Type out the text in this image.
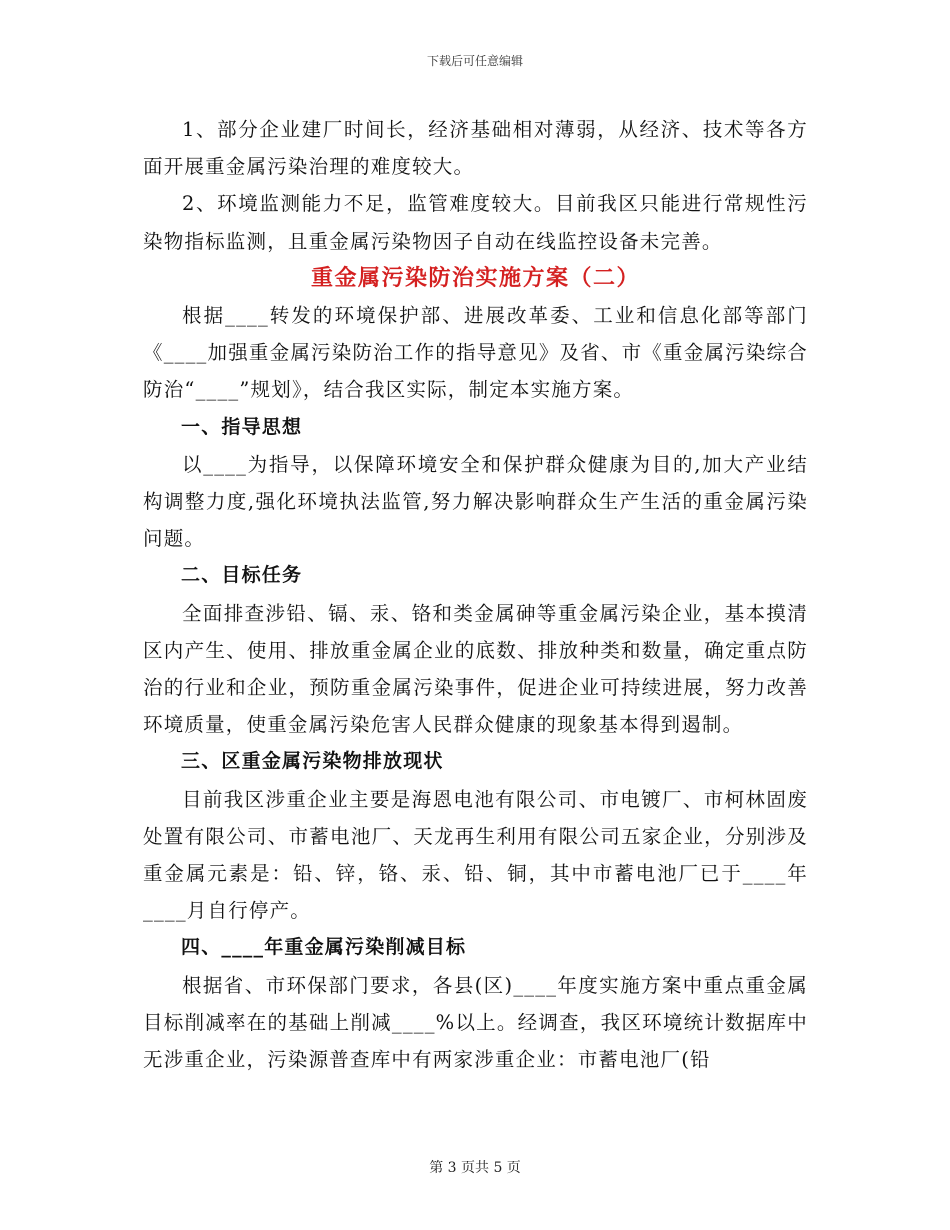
下载后可任意编辑

1、部分企业建厂时间长，经济基础相对薄弱，从经济、技术等各方面开展重金属污染治理的难度较大。

2、环境监测能力不足，监管难度较大。目前我区只能进行常规性污染物指标监测，且重金属污染物因子自动在线监控设备未完善。

重金属污染防治实施方案（二）

根据____转发的环境保护部、进展改革委、工业和信息化部等部门《____加强重金属污染防治工作的指导意见》及省、市《重金属污染综合防治“____”规划》，结合我区实际，制定本实施方案。

一、指导思想

以____为指导，以保障环境安全和保护群众健康为目的,加大产业结构调整力度,强化环境执法监管,努力解决影响群众生产生活的重金属污染问题。

二、目标任务

全面排查涉铅、镉、汞、铬和类金属砷等重金属污染企业，基本摸清区内产生、使用、排放重金属企业的底数、排放种类和数量，确定重点防治的行业和企业，预防重金属污染事件，促进企业可持续进展，努力改善环境质量，使重金属污染危害人民群众健康的现象基本得到遏制。

三、区重金属污染物排放现状

目前我区涉重企业主要是海恩电池有限公司、市电镀厂、市柯林固废处置有限公司、市蓄电池厂、天龙再生利用有限公司五家企业，分别涉及重金属元素是：铅、锌，铬、汞、铅、铜，其中市蓄电池厂已于____年____月自行停产。

四、____年重金属污染削减目标

根据省、市环保部门要求，各县(区)____年度实施方案中重点重金属目标削减率在的基础上削减____%以上。经调查，我区环境统计数据库中无涉重企业，污染源普查库中有两家涉重企业：市蓄电池厂(铅

第 3 页共 5 页
